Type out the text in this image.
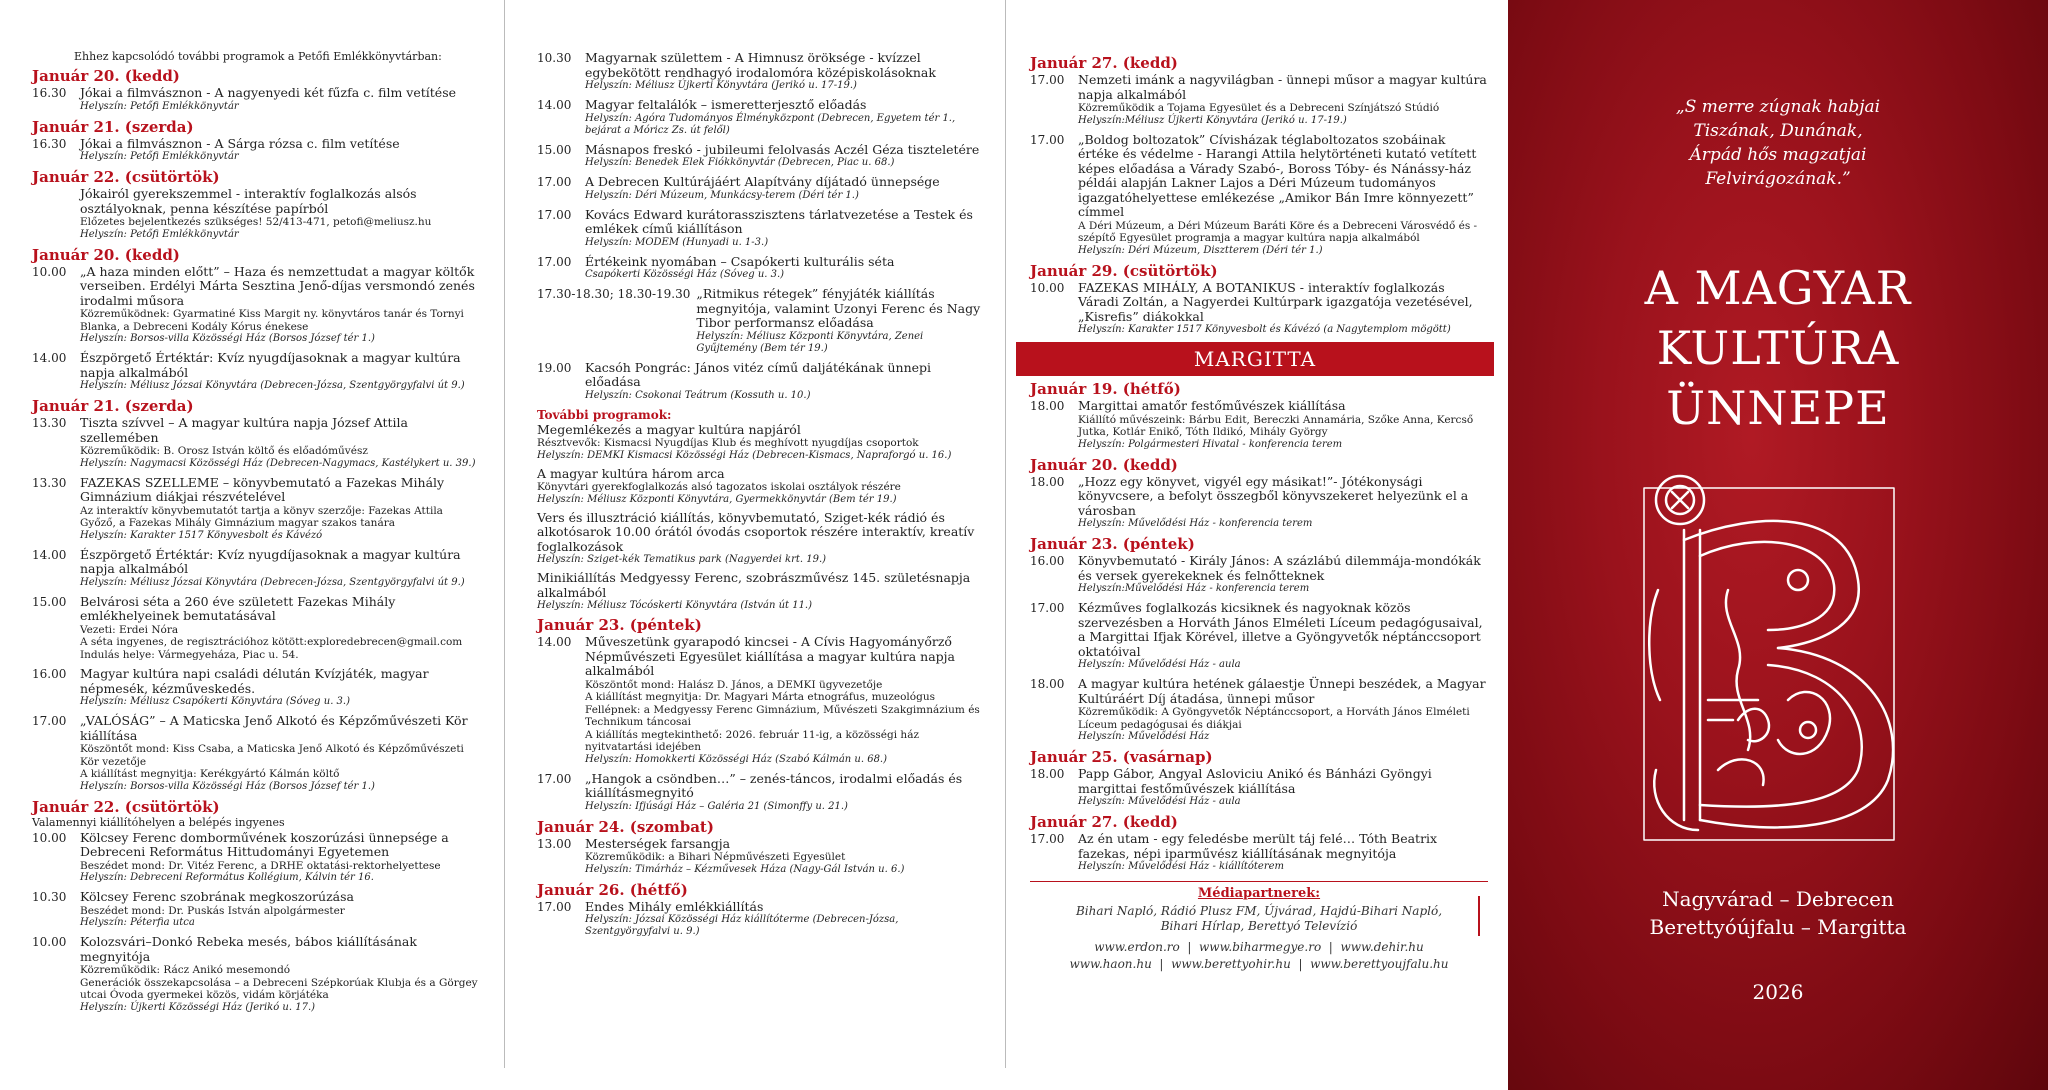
Ehhez kapcsolódó további programok a Petőfi Emlékkönyvtárban:
Január 20. (kedd)
16.30	Jókai a filmvásznon - A nagyenyedi két fűzfa c. film vetítése
Helyszín: Petőfi Emlékkönyvtár
Január 21. (szerda)
16.30	Jókai a filmvásznon - A Sárga rózsa c. film vetítése
Helyszín: Petőfi Emlékkönyvtár
Január 22. (csütörtök)
Jókairól gyerekszemmel - interaktív foglalkozás alsós osztályoknak, penna készítése papírból
Előzetes bejelentkezés szükséges! 52/413-471, petofi@meliusz.hu
Helyszín: Petőfi Emlékkönyvtár
Január 20. (kedd)
10.00	„A haza minden előtt” – Haza és nemzettudat a magyar költők verseiben. Erdélyi Márta Sesztina Jenő-díjas versmondó zenés irodalmi műsora
Közreműködnek: Gyarmatiné Kiss Margit ny. könyvtáros tanár és Tornyi Blanka, a Debreceni Kodály Kórus énekese
Helyszín: Borsos-villa Közösségi Ház (Borsos József tér 1.)
14.00	Észpörgető Értéktár: Kvíz nyugdíjasoknak a magyar kultúra napja alkalmából
Helyszín: Méliusz Józsai Könyvtára (Debrecen-Józsa, Szentgyörgyfalvi út 9.)
Január 21. (szerda)
13.30	Tiszta szívvel – A magyar kultúra napja József Attila szellemében
Közreműködik: B. Orosz István költő és előadóművész
Helyszín: Nagymacsi Közösségi Ház (Debrecen-Nagymacs, Kastélykert u. 39.)
13.30	FAZEKAS SZELLEME – könyvbemutató a Fazekas Mihály Gimnázium diákjai részvételével
Az interaktív könyvbemutatót tartja a könyv szerzője: Fazekas Attila Győző, a Fazekas Mihály Gimnázium magyar szakos tanára
Helyszín: Karakter 1517 Könyvesbolt és Kávézó
14.00	Észpörgető Értéktár: Kvíz nyugdíjasoknak a magyar kultúra napja alkalmából
Helyszín: Méliusz Józsai Könyvtára (Debrecen-Józsa, Szentgyörgyfalvi út 9.)
15.00	Belvárosi séta a 260 éve született Fazekas Mihály emlékhelyeinek bemutatásával
Vezeti: Erdei Nóra
A séta ingyenes, de regisztrációhoz kötött:exploredebrecen@gmail.com
Indulás helye: Vármegyeháza, Piac u. 54.
16.00	Magyar kultúra napi családi délután Kvízjáték, magyar népmesék, kézműveskedés.
Helyszín: Méliusz Csapókerti Könyvtára (Sóveg u. 3.)
17.00	„VALÓSÁG” – A Maticska Jenő Alkotó és Képzőművészeti Kör kiállítása
Köszöntőt mond: Kiss Csaba, a Maticska Jenő Alkotó és Képzőművészeti Kör vezetője
A kiállítást megnyitja: Kerékgyártó Kálmán költő
Helyszín: Borsos-villa Közösségi Ház (Borsos József tér 1.)
Január 22. (csütörtök)
Valamennyi kiállítóhelyen a belépés ingyenes
10.00	Kölcsey Ferenc domborművének koszorúzási ünnepsége a Debreceni Református Hittudományi Egyetemen
Beszédet mond: Dr. Vitéz Ferenc, a DRHE oktatási-rektorhelyettese
Helyszín: Debreceni Református Kollégium, Kálvin tér 16.
10.30	Kölcsey Ferenc szobrának megkoszorúzása
Beszédet mond: Dr. Puskás István alpolgármester
Helyszín: Péterfia utca
10.00	Kolozsvári–Donkó Rebeka mesés, bábos kiállításának megnyitója
Közreműködik: Rácz Anikó mesemondó
Generációk összekapcsolása – a Debreceni Szépkorúak Klubja és a Görgey utcai Óvoda gyermekei közös, vidám körjátéka
Helyszín: Újkerti Közösségi Ház (Jerikó u. 17.)
10.30	Magyarnak születtem - A Himnusz öröksége - kvízzel egybekötött rendhagyó irodalomóra középiskolásoknak
Helyszín: Méliusz Újkerti Könyvtára (Jerikó u. 17-19.)
14.00	Magyar feltalálók – ismeretterjesztő előadás
Helyszín: Agóra Tudományos Élményközpont (Debrecen, Egyetem tér 1., bejárat a Móricz Zs. út felől)
15.00	Másnapos freskó - jubileumi felolvasás Aczél Géza tiszteletére
Helyszín: Benedek Elek Fiókkönyvtár (Debrecen, Piac u. 68.)
17.00	A Debrecen Kultúrájáért Alapítvány díjátadó ünnepsége
Helyszín: Déri Múzeum, Munkácsy-terem (Déri tér 1.)
17.00	Kovács Edward kurátorasszisztens tárlatvezetése a Testek és emlékek című kiállításon
Helyszín: MODEM (Hunyadi u. 1-3.)
17.00	Értékeink nyomában – Csapókerti kulturális séta
Csapókerti Közösségi Ház (Sóveg u. 3.)
17.30-18.30; 18.30-19.30 „Ritmikus rétegek” fényjáték kiállítás megnyitója, valamint Uzonyi Ferenc és Nagy Tibor performansz előadása
Helyszín: Méliusz Központi Könyvtára, Zenei Gyűjtemény (Bem tér 19.)
19.00	Kacsóh Pongrác: János vitéz című daljátékának ünnepi előadása
Helyszín: Csokonai Teátrum (Kossuth u. 10.)
További programok:
Megemlékezés a magyar kultúra napjáról
Résztvevők: Kismacsi Nyugdíjas Klub és meghívott nyugdíjas csoportok
Helyszín: DEMKI Kismacsi Közösségi Ház (Debrecen-Kismacs, Napraforgó u. 16.)
A magyar kultúra három arca
Könyvtári gyerekfoglalkozás alsó tagozatos iskolai osztályok részére
Helyszín: Méliusz Központi Könyvtára, Gyermekkönyvtár (Bem tér 19.)
Vers és illusztráció kiállítás, könyvbemutató, Sziget-kék rádió és alkotósarok 10.00 órától óvodás csoportok részére interaktív, kreatív foglalkozások
Helyszín: Sziget-kék Tematikus park (Nagyerdei krt. 19.)
Minikiállítás Medgyessy Ferenc, szobrászművész 145. születésnapja alkalmából
Helyszín: Méliusz Tócóskerti Könyvtára (István út 11.)
Január 23. (péntek)
14.00	Műveszetünk gyarapodó kincsei - A Cívis Hagyományőrző Népművészeti Egyesület kiállítása a magyar kultúra napja alkalmából
Köszöntőt mond: Halász D. János, a DEMKI ügyvezetője
A kiállítást megnyitja: Dr. Magyari Márta etnográfus, muzeológus
Fellépnek: a Medgyessy Ferenc Gimnázium, Művészeti Szakgimnázium és Technikum táncosai
A kiállítás megtekinthető: 2026. február 11-ig, a közösségi ház nyitvatartási idejében
Helyszín: Homokkerti Közösségi Ház (Szabó Kálmán u. 68.)
17.00	„Hangok a csöndben…” – zenés-táncos, irodalmi előadás és kiállításmegnyitó
Helyszín: Ifjúsági Ház – Galéria 21 (Simonffy u. 21.)
Január 24. (szombat)
13.00	Mesterségek farsangja
Közreműködik: a Bihari Népművészeti Egyesület
Helyszín: Timárház – Kézművesek Háza (Nagy-Gál István u. 6.)
Január 26. (hétfő)
17.00	Endes Mihály emlékkiállítás
Helyszín: Józsai Közösségi Ház kiállítóterme (Debrecen-Józsa, Szentgyörgyfalvi u. 9.)
Január 27. (kedd)
17.00	Nemzeti imánk a nagyvilágban - ünnepi műsor a magyar kultúra napja alkalmából
Közreműködik a Tojama Egyesület és a Debreceni Színjátszó Stúdió
Helyszín:Méliusz Újkerti Könyvtára (Jerikó u. 17-19.)
17.00	„Boldog boltozatok” Cívisházak téglaboltozatos szobáinak értéke és védelme - Harangi Attila helytörténeti kutató vetített képes előadása a Várady Szabó-, Boross Tóby- és Nánássy-ház példái alapján Lakner Lajos a Déri Múzeum tudományos igazgatóhelyettese emlékezése „Amikor Bán Imre könnyezett” címmel
A Déri Múzeum, a Déri Múzeum Baráti Köre és a Debreceni Városvédő és -szépítő Egyesület programja a magyar kultúra napja alkalmából
Helyszín: Déri Múzeum, Disztterem (Déri tér 1.)
Január 29. (csütörtök)
10.00	FAZEKAS MIHÁLY, A BOTANIKUS - interaktív foglalkozás Váradi Zoltán, a Nagyerdei Kultúrpark igazgatója vezetésével, „Kisrefis” diákokkal
Helyszín: Karakter 1517 Könyvesbolt és Kávézó (a Nagytemplom mögött)
MARGITTA
Január 19. (hétfő)
18.00	Margittai amatőr festőművészek kiállítása
Kiállító művészeink: Bárbu Edit, Bereczki Annamária, Szőke Anna, Kercső Jutka, Kotlár Enikő, Tóth Ildikó, Mihály György
Helyszín: Polgármesteri Hivatal - konferencia terem
Január 20. (kedd)
18.00	„Hozz egy könyvet, vigyél egy másikat!”- Jótékonysági könyvcsere, a befolyt összegből könyvszekeret helyezünk el a városban
Helyszín: Művelődési Ház - konferencia terem
Január 23. (péntek)
16.00	Könyvbemutató - Király János: A százlábú dilemmája-mondókák és versek gyerekeknek és felnőtteknek
Helyszín:Művelődési Ház - konferencia terem
17.00	Kézműves foglalkozás kicsiknek és nagyoknak közös szervezésben a Horváth János Elméleti Líceum pedagógusaival, a Margittai Ifjak Körével, illetve a Gyöngyvetők néptánccsoport oktatóival
Helyszín: Művelődési Ház - aula
18.00	A magyar kultúra hetének gálaestje Ünnepi beszédek, a Magyar Kultúráért Díj átadása, ünnepi műsor
Közreműködik: A Gyöngyvetők Néptánccsoport, a Horváth János Elméleti Líceum pedagógusai és diákjai
Helyszín: Művelődési Ház
Január 25. (vasárnap)
18.00	Papp Gábor, Angyal Asloviciu Anikó és Bánházi Gyöngyi margittai festőművészek kiállítása
Helyszín: Művelődési Ház - aula
Január 27. (kedd)
17.00	Az én utam - egy feledésbe merült táj felé… Tóth Beatrix fazekas, népi iparművész kiállításának megnyitója
Helyszín: Művelődési Ház - kiállítóterem
Médiapartnerek:
Bihari Napló, Rádió Plusz FM, Újvárad, Hajdú-Bihari Napló,
Bihari Hírlap, Berettyó Televízió
www.erdon.ro  |  www.biharmegye.ro  |  www.dehir.hu
www.haon.hu  |  www.berettyohir.hu  |  www.berettyoujfalu.hu
„S merre zúgnak habjai
Tiszának, Dunának,
Árpád hős magzatjai
Felvirágozának.”
A MAGYAR
KULTÚRA
ÜNNEPE
Nagyvárad – Debrecen
Berettyóújfalu – Margitta
2026
